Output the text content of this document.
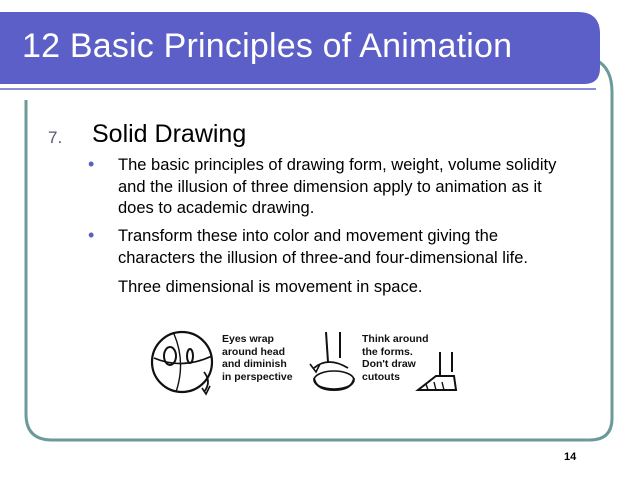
12 Basic Principles of Animation
7. Solid Drawing
• The basic principles of drawing form, weight, volume solidity and the illusion of three dimension apply to animation as it does to academic drawing.
• Transform these into color and movement giving the characters the illusion of three-and four-dimensional life.
Three dimensional is movement in space.
Eyes wrap
around head
and diminish
in perspective
Think around
the forms.
Don't draw
cutouts
14
